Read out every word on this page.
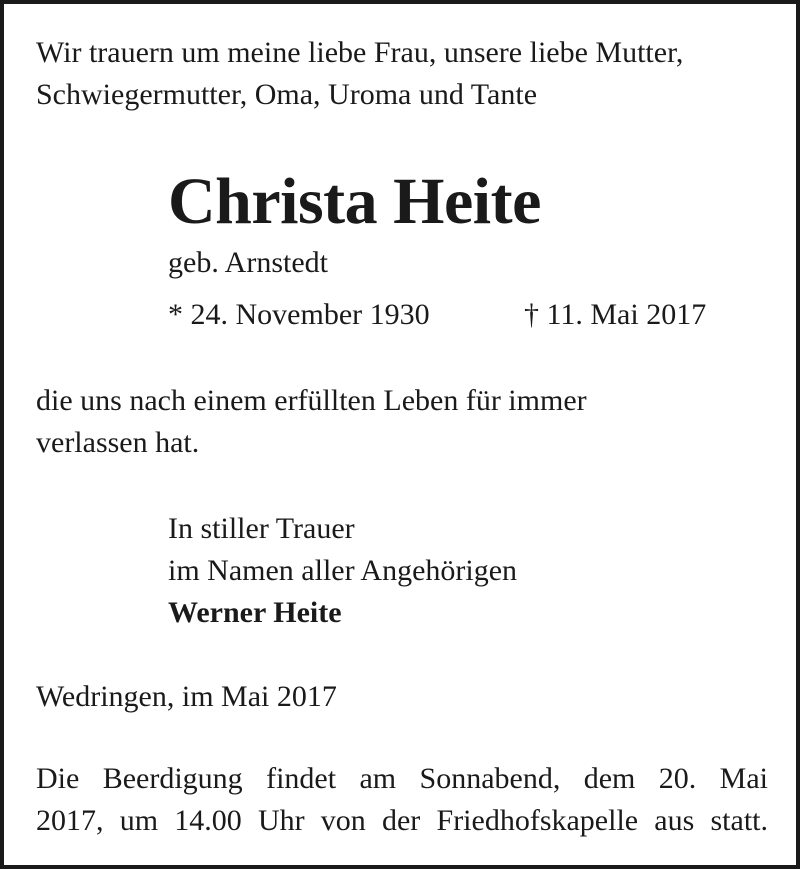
Wir trauern um meine liebe Frau, unsere liebe Mutter,
Schwiegermutter, Oma, Uroma und Tante
Christa Heite
geb. Arnstedt
* 24. November 1930	† 11. Mai 2017
die uns nach einem erfüllten Leben für immer
verlassen hat.
In stiller Trauer
im Namen aller Angehörigen
Werner Heite
Wedringen, im Mai 2017
Die Beerdigung findet am Sonnabend, dem 20. Mai
2017, um 14.00 Uhr von der Friedhofskapelle aus statt.
